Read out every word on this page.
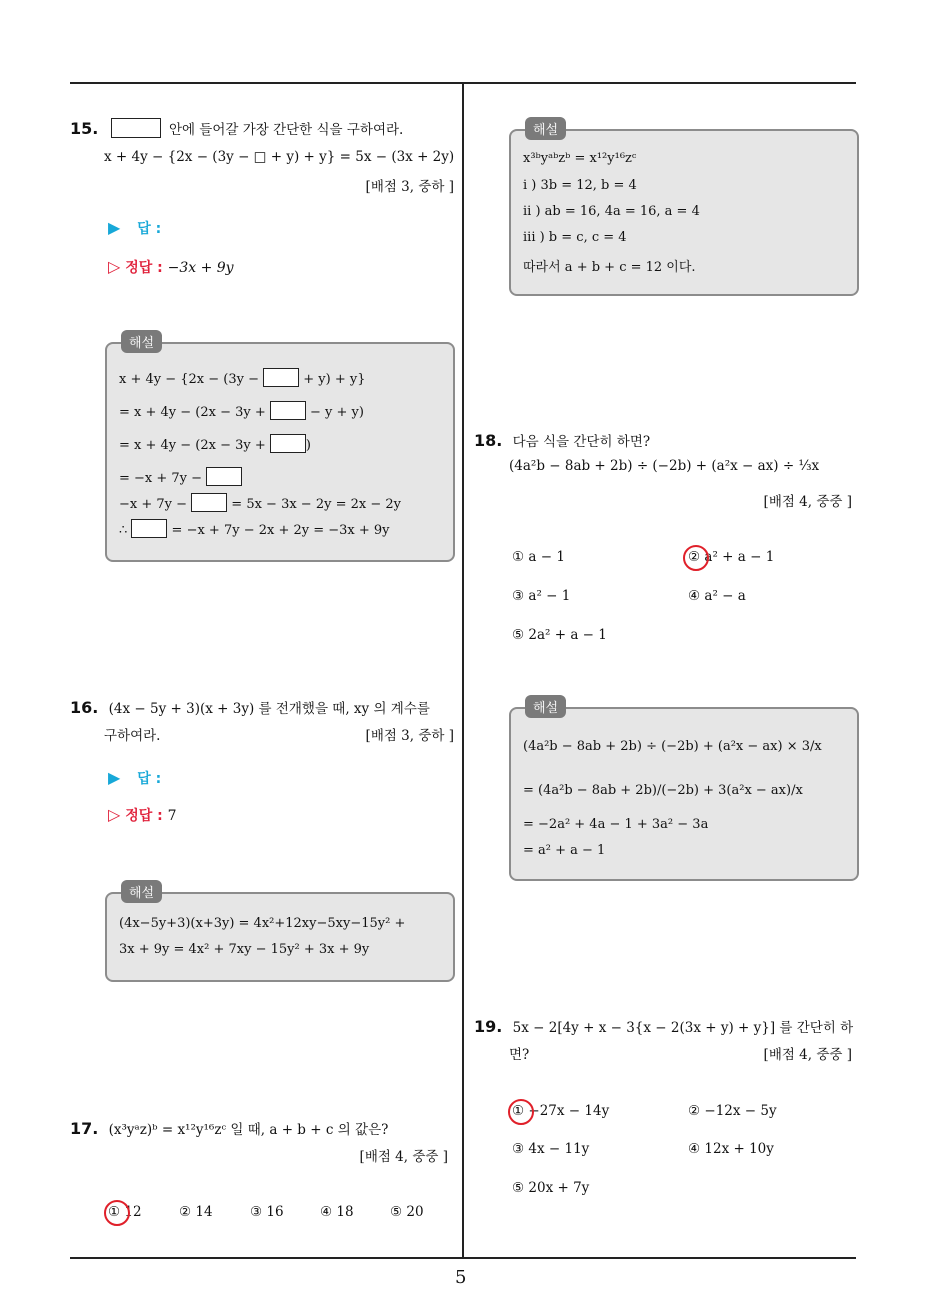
15.	안에 들어갈 가장 간단한 식을 구하여라.
x + 4y − {2x − (3y − □ + y) + y} = 5x − (3x + 2y)
[배점 3, 중하 ]
▶ 답 :
▷ 정답 : −3x + 9y
해설
x + 4y − {2x − (3y −	+ y) + y}
= x + 4y − (2x − 3y +	− y + y)
= x + 4y − (2x − 3y +	)
= −x + 7y −
−x + 7y −	= 5x − 3x − 2y = 2x − 2y
∴	= −x + 7y − 2x + 2y = −3x + 9y
16. (4x − 5y + 3)(x + 3y) 를 전개했을 때, xy 의 계수를
구하여라.	[배점 3, 중하 ]
▶ 답 :
▷ 정답 : 7
해설
(4x−5y+3)(x+3y) = 4x²+12xy−5xy−15y² +
3x + 9y = 4x² + 7xy − 15y² + 3x + 9y
17. (x³yᵃz)ᵇ = x¹²y¹⁶zᶜ 일 때, a + b + c 의 값은?
[배점 4, 중중 ]
① 12	② 14	③ 16	④ 18	⑤ 20
해설
x³ᵇyᵃᵇzᵇ = x¹²y¹⁶zᶜ
i ) 3b = 12, b = 4
ii ) ab = 16, 4a = 16, a = 4
iii ) b = c, c = 4
따라서 a + b + c = 12 이다.
18. 다음 식을 간단히 하면?
(4a²b − 8ab + 2b) ÷ (−2b) + (a²x − ax) ÷ ⅓x
[배점 4, 중중 ]
① a − 1	② a² + a − 1
③ a² − 1	④ a² − a
⑤ 2a² + a − 1
해설
(4a²b − 8ab + 2b) ÷ (−2b) + (a²x − ax) × 3/x
= (4a²b − 8ab + 2b)/(−2b) + 3(a²x − ax)/x
= −2a² + 4a − 1 + 3a² − 3a
= a² + a − 1
19. 5x − 2[4y + x − 3{x − 2(3x + y) + y}] 를 간단히 하
면?	[배점 4, 중중 ]
① −27x − 14y	② −12x − 5y
③ 4x − 11y	④ 12x + 10y
⑤ 20x + 7y
5
